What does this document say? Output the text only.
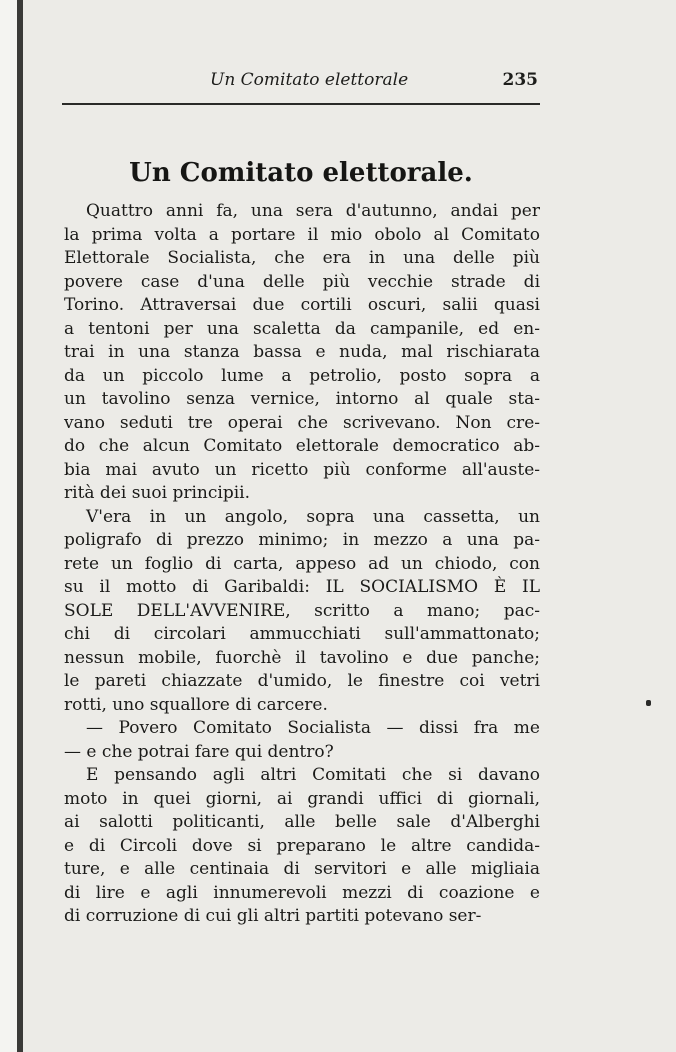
Un Comitato elettorale	235
Un Comitato elettorale.
Quattro anni fa, una sera d'autunno, andai per
la prima volta a portare il mio obolo al Comitato
Elettorale Socialista, che era in una delle più
povere case d'una delle più vecchie strade di
Torino. Attraversai due cortili oscuri, salii quasi
a tentoni per una scaletta da campanile, ed en-
trai in una stanza bassa e nuda, mal rischiarata
da un piccolo lume a petrolio, posto sopra a
un tavolino senza vernice, intorno al quale sta-
vano seduti tre operai che scrivevano. Non cre-
do che alcun Comitato elettorale democratico ab-
bia mai avuto un ricetto più conforme all'auste-
rità dei suoi principii.
V'era in un angolo, sopra una cassetta, un
poligrafo di prezzo minimo; in mezzo a una pa-
rete un foglio di carta, appeso ad un chiodo, con
su il motto di Garibaldi: IL SOCIALISMO È IL
SOLE DELL'AVVENIRE, scritto a mano; pac-
chi di circolari ammucchiati sull'ammattonato;
nessun mobile, fuorchè il tavolino e due panche;
le pareti chiazzate d'umido, le finestre coi vetri
rotti, uno squallore di carcere.
— Povero Comitato Socialista — dissi fra me
— e che potrai fare qui dentro?
E pensando agli altri Comitati che si davano
moto in quei giorni, ai grandi uffici di giornali,
ai salotti politicanti, alle belle sale d'Alberghi
e di Circoli dove si preparano le altre candida-
ture, e alle centinaia di servitori e alle migliaia
di lire e agli innumerevoli mezzi di coazione e
di corruzione di cui gli altri partiti potevano ser-
